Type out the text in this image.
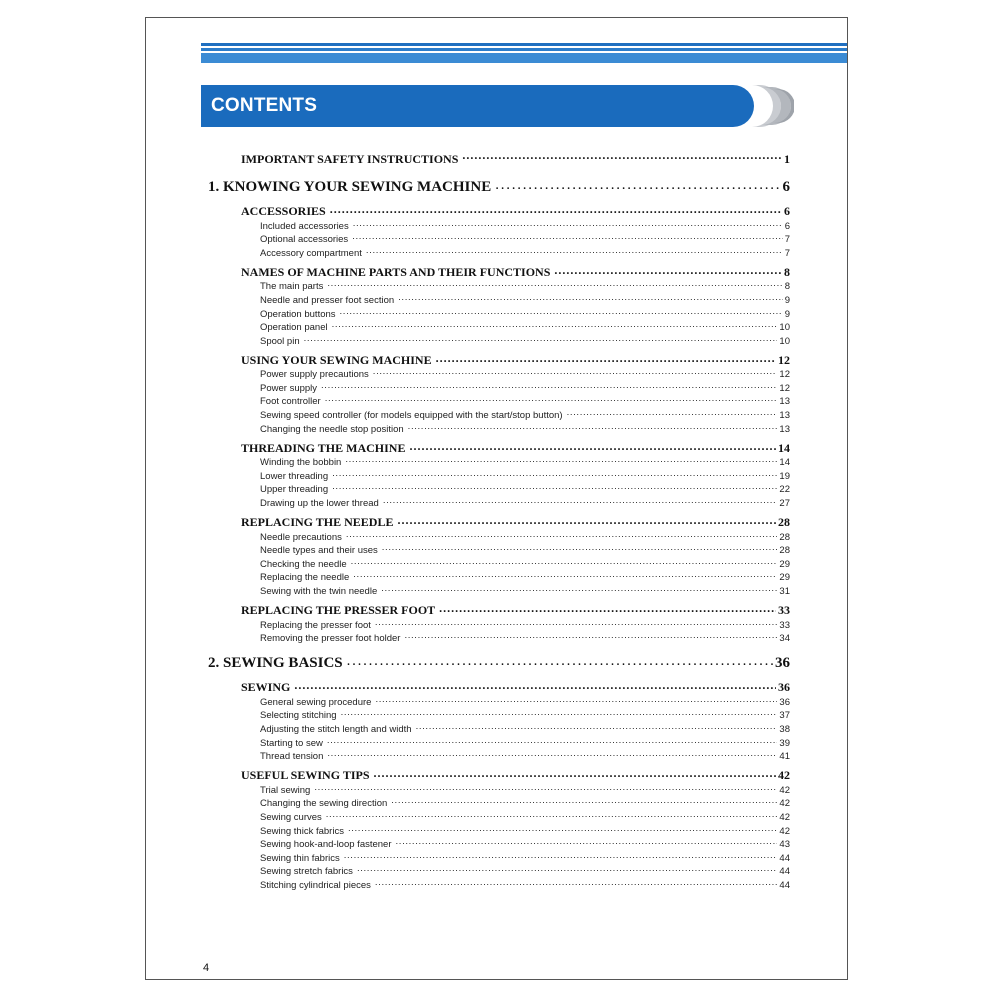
CONTENTS
IMPORTANT SAFETY INSTRUCTIONS . . .	1
1. KNOWING YOUR SEWING MACHINE . . .	6
ACCESSORIES . . .	6
Included accessories . . .	6
Optional accessories . . .	7
Accessory compartment . . .	7
NAMES OF MACHINE PARTS AND THEIR FUNCTIONS . . .	8
The main parts . . .	8
Needle and presser foot section . . .	9
Operation buttons . . .	9
Operation panel . . .	10
Spool pin . . .	10
USING YOUR SEWING MACHINE . . .	12
Power supply precautions . . .	12
Power supply . . .	12
Foot controller . . .	13
Sewing speed controller (for models equipped with the start/stop button) . . .	13
Changing the needle stop position . . .	13
THREADING THE MACHINE . . .	14
Winding the bobbin . . .	14
Lower threading . . .	19
Upper threading . . .	22
Drawing up the lower thread . . .	27
REPLACING THE NEEDLE . . .	28
Needle precautions . . .	28
Needle types and their uses . . .	28
Checking the needle . . .	29
Replacing the needle . . .	29
Sewing with the twin needle . . .	31
REPLACING THE PRESSER FOOT . . .	33
Replacing the presser foot . . .	33
Removing the presser foot holder . . .	34
2. SEWING BASICS . . .	36
SEWING . . .	36
General sewing procedure . . .	36
Selecting stitching . . .	37
Adjusting the stitch length and width . . .	38
Starting to sew . . .	39
Thread tension . . .	41
USEFUL SEWING TIPS . . .	42
Trial sewing . . .	42
Changing the sewing direction . . .	42
Sewing curves . . .	42
Sewing thick fabrics . . .	42
Sewing hook-and-loop fastener . . .	43
Sewing thin fabrics . . .	44
Sewing stretch fabrics . . .	44
Stitching cylindrical pieces . . .	44
4
